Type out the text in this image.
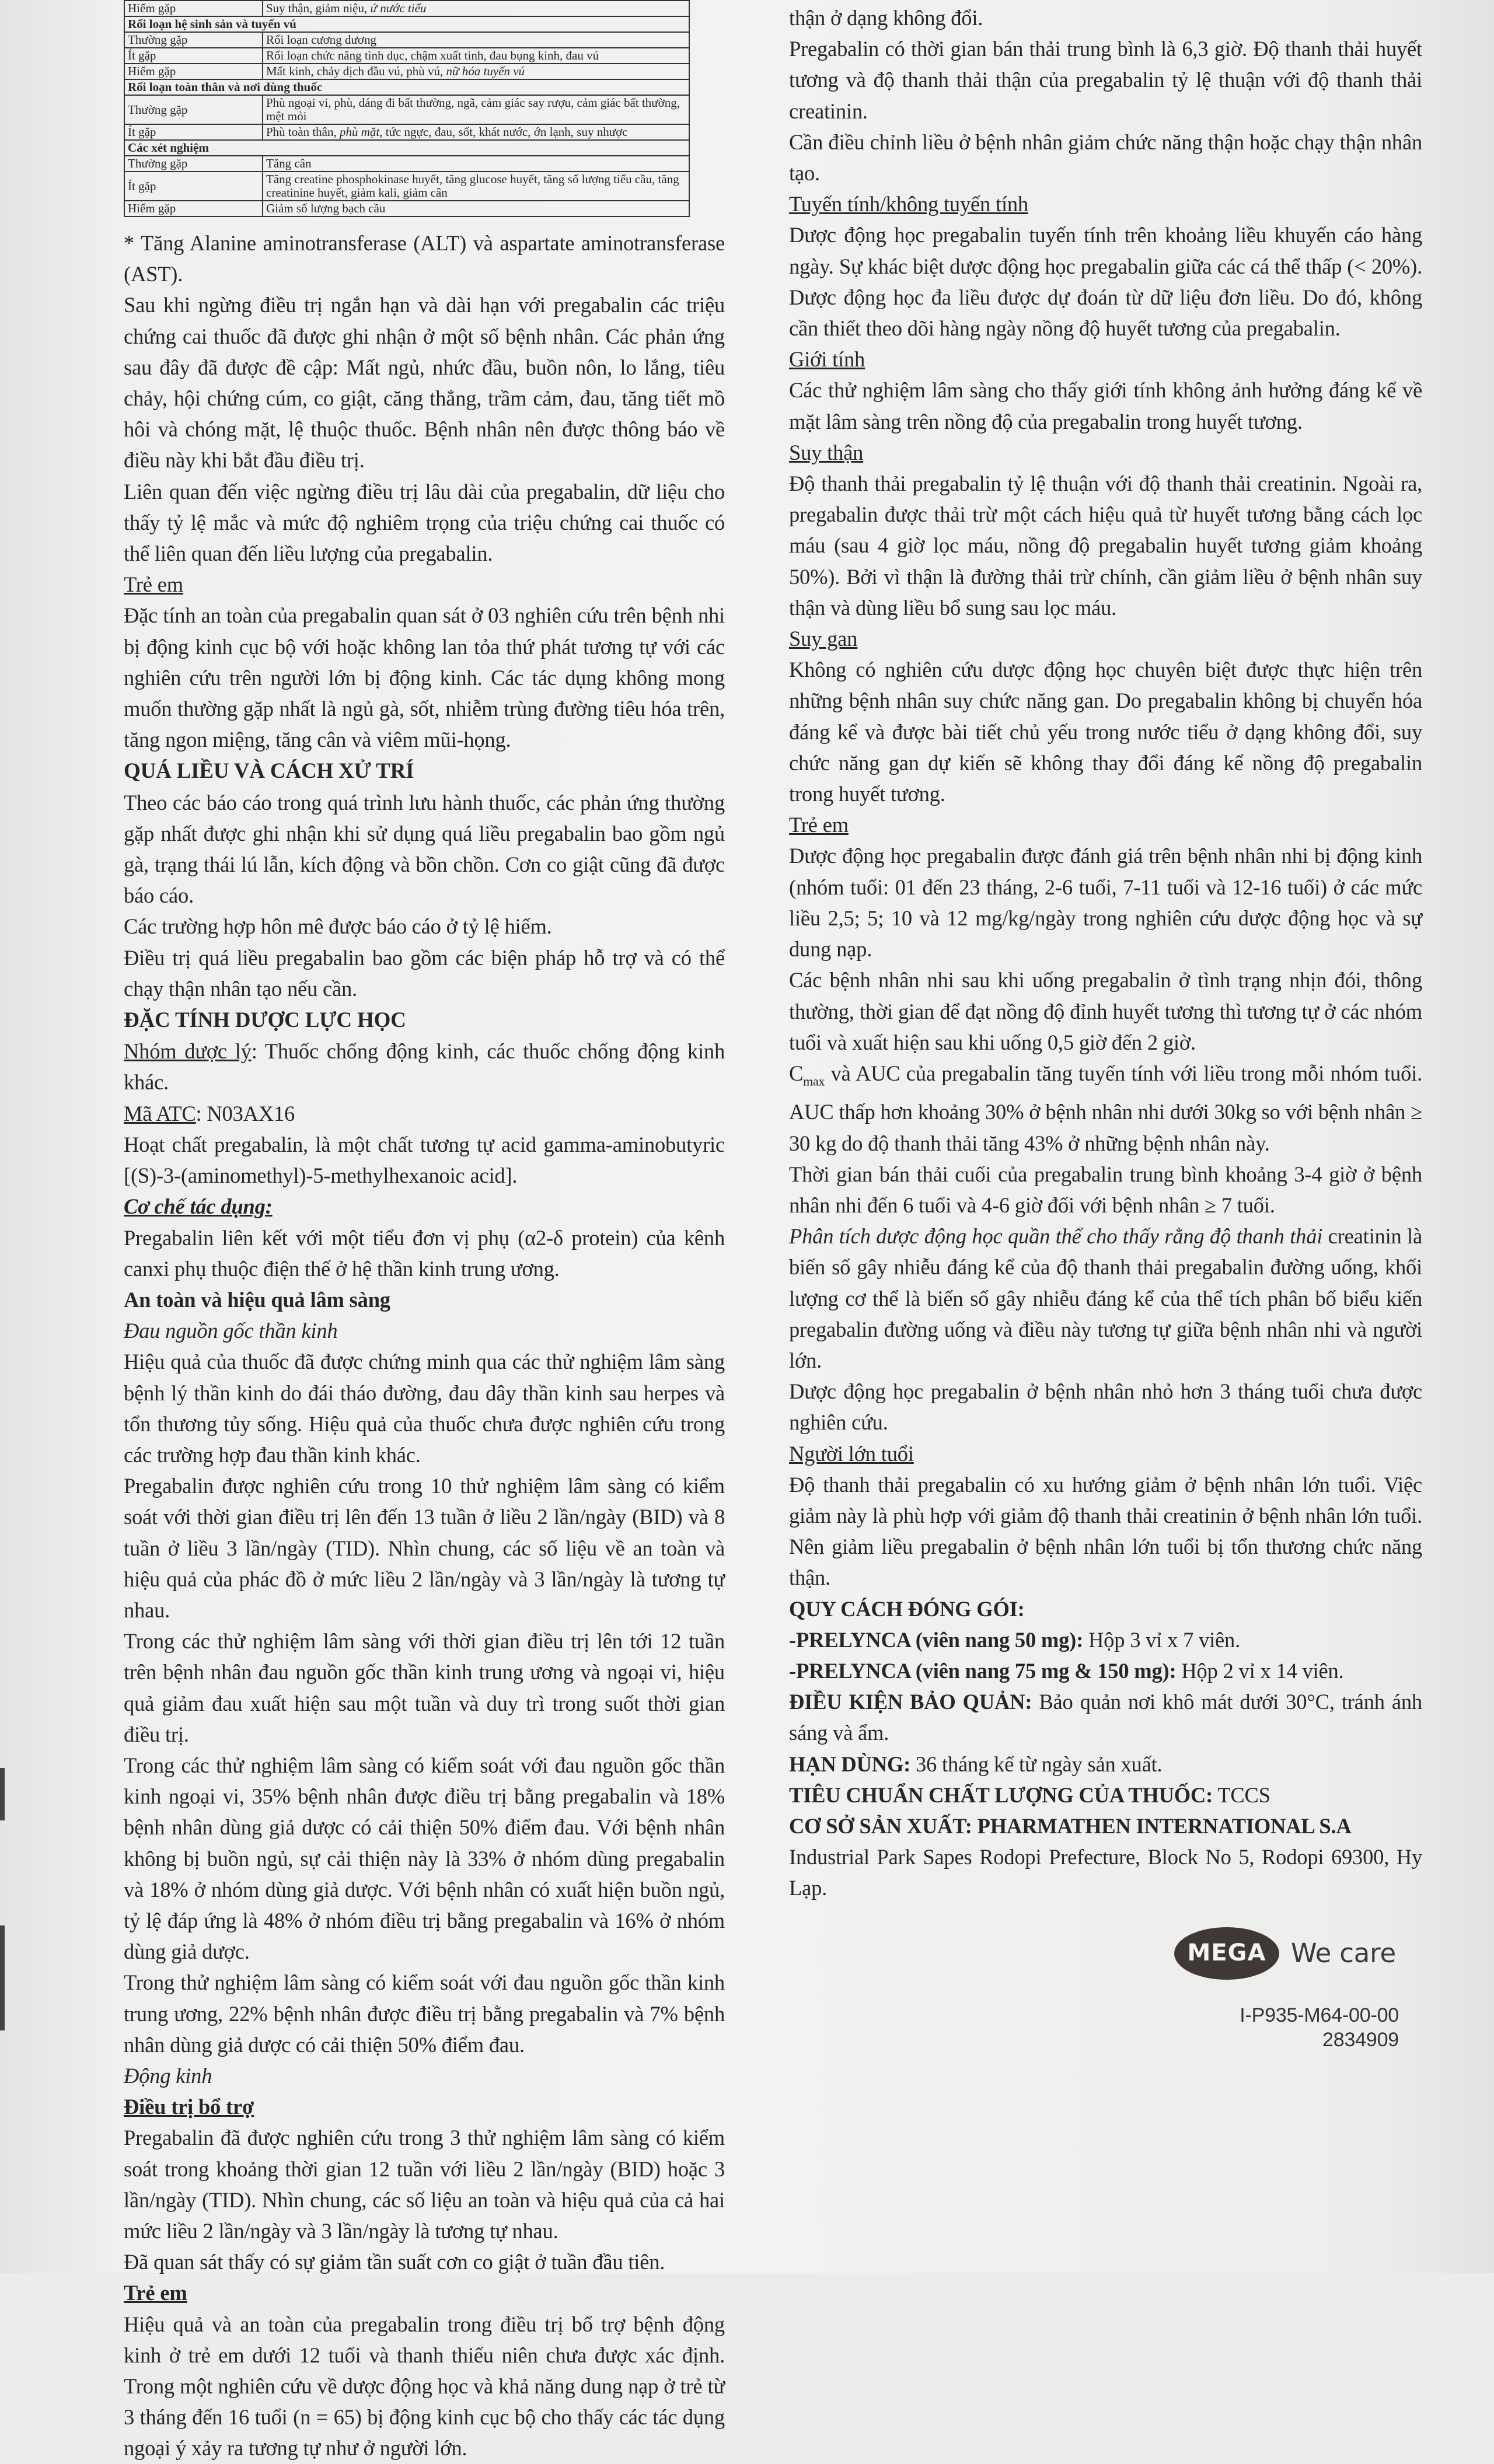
Hiếm gặp	Suy thận, giảm niệu, ứ nước tiểu
Rối loạn hệ sinh sản và tuyến vú	
Thường gặp	Rối loạn cương dương
Ít gặp	Rối loạn chức năng tình dục, chậm xuất tinh, đau bụng kinh, đau vú
Hiếm gặp	Mất kinh, chảy dịch đầu vú, phù vú, nữ hóa tuyến vú
Rối loạn toàn thân và nơi dùng thuốc	
Thường gặp	Phù ngoại vi, phù, dáng đi bất thường, ngã, cảm giác say rượu, cảm giác bất thường, mệt mỏi
Ít gặp	Phù toàn thân, phù mặt, tức ngực, đau, sốt, khát nước, ớn lạnh, suy nhược
Các xét nghiệm	
Thường gặp	Tăng cân
Ít gặp	Tăng creatine phosphokinase huyết, tăng glucose huyết, tăng số lượng tiểu cầu, tăng creatinine huyết, giảm kali, giảm cân
Hiếm gặp	Giảm số lượng bạch cầu

* Tăng Alanine aminotransferase (ALT) và aspartate aminotransferase (AST).

Sau khi ngừng điều trị ngắn hạn và dài hạn với pregabalin các triệu chứng cai thuốc đã được ghi nhận ở một số bệnh nhân. Các phản ứng sau đây đã được đề cập: Mất ngủ, nhức đầu, buồn nôn, lo lắng, tiêu chảy, hội chứng cúm, co giật, căng thẳng, trầm cảm, đau, tăng tiết mồ hôi và chóng mặt, lệ thuộc thuốc. Bệnh nhân nên được thông báo về điều này khi bắt đầu điều trị.

Liên quan đến việc ngừng điều trị lâu dài của pregabalin, dữ liệu cho thấy tỷ lệ mắc và mức độ nghiêm trọng của triệu chứng cai thuốc có thể liên quan đến liều lượng của pregabalin.

Trẻ em

Đặc tính an toàn của pregabalin quan sát ở 03 nghiên cứu trên bệnh nhi bị động kinh cục bộ với hoặc không lan tỏa thứ phát tương tự với các nghiên cứu trên người lớn bị động kinh. Các tác dụng không mong muốn thường gặp nhất là ngủ gà, sốt, nhiễm trùng đường tiêu hóa trên, tăng ngon miệng, tăng cân và viêm mũi-họng.

QUÁ LIỀU VÀ CÁCH XỬ TRÍ

Theo các báo cáo trong quá trình lưu hành thuốc, các phản ứng thường gặp nhất được ghi nhận khi sử dụng quá liều pregabalin bao gồm ngủ gà, trạng thái lú lẫn, kích động và bồn chồn. Cơn co giật cũng đã được báo cáo.

Các trường hợp hôn mê được báo cáo ở tỷ lệ hiếm.

Điều trị quá liều pregabalin bao gồm các biện pháp hỗ trợ và có thể chạy thận nhân tạo nếu cần.

ĐẶC TÍNH DƯỢC LỰC HỌC

Nhóm dược lý: Thuốc chống động kinh, các thuốc chống động kinh khác.

Mã ATC: N03AX16

Hoạt chất pregabalin, là một chất tương tự acid gamma-aminobutyric [(S)-3-(aminomethyl)-5-methylhexanoic acid].

Cơ chế tác dụng:

Pregabalin liên kết với một tiểu đơn vị phụ (α2-δ protein) của kênh canxi phụ thuộc điện thế ở hệ thần kinh trung ương.

An toàn và hiệu quả lâm sàng

Đau nguồn gốc thần kinh

Hiệu quả của thuốc đã được chứng minh qua các thử nghiệm lâm sàng bệnh lý thần kinh do đái tháo đường, đau dây thần kinh sau herpes và tổn thương tủy sống. Hiệu quả của thuốc chưa được nghiên cứu trong các trường hợp đau thần kinh khác.

Pregabalin được nghiên cứu trong 10 thử nghiệm lâm sàng có kiểm soát với thời gian điều trị lên đến 13 tuần ở liều 2 lần/ngày (BID) và 8 tuần ở liều 3 lần/ngày (TID). Nhìn chung, các số liệu về an toàn và hiệu quả của phác đồ ở mức liều 2 lần/ngày và 3 lần/ngày là tương tự nhau.

Trong các thử nghiệm lâm sàng với thời gian điều trị lên tới 12 tuần trên bệnh nhân đau nguồn gốc thần kinh trung ương và ngoại vi, hiệu quả giảm đau xuất hiện sau một tuần và duy trì trong suốt thời gian điều trị.

Trong các thử nghiệm lâm sàng có kiểm soát với đau nguồn gốc thần kinh ngoại vi, 35% bệnh nhân được điều trị bằng pregabalin và 18% bệnh nhân dùng giả dược có cải thiện 50% điểm đau. Với bệnh nhân không bị buồn ngủ, sự cải thiện này là 33% ở nhóm dùng pregabalin và 18% ở nhóm dùng giả dược. Với bệnh nhân có xuất hiện buồn ngủ, tỷ lệ đáp ứng là 48% ở nhóm điều trị bằng pregabalin và 16% ở nhóm dùng giả dược.

Trong thử nghiệm lâm sàng có kiểm soát với đau nguồn gốc thần kinh trung ương, 22% bệnh nhân được điều trị bằng pregabalin và 7% bệnh nhân dùng giả dược có cải thiện 50% điểm đau.

Động kinh

Điều trị bổ trợ

Pregabalin đã được nghiên cứu trong 3 thử nghiệm lâm sàng có kiểm soát trong khoảng thời gian 12 tuần với liều 2 lần/ngày (BID) hoặc 3 lần/ngày (TID). Nhìn chung, các số liệu an toàn và hiệu quả của cả hai mức liều 2 lần/ngày và 3 lần/ngày là tương tự nhau.

Đã quan sát thấy có sự giảm tần suất cơn co giật ở tuần đầu tiên.

Trẻ em

Hiệu quả và an toàn của pregabalin trong điều trị bổ trợ bệnh động kinh ở trẻ em dưới 12 tuổi và thanh thiếu niên chưa được xác định. Trong một nghiên cứu về dược động học và khả năng dung nạp ở trẻ từ 3 tháng đến 16 tuổi (n = 65) bị động kinh cục bộ cho thấy các tác dụng ngoại ý xảy ra tương tự như ở người lớn.

thận ở dạng không đổi.

Pregabalin có thời gian bán thải trung bình là 6,3 giờ. Độ thanh thải huyết tương và độ thanh thải thận của pregabalin tỷ lệ thuận với độ thanh thải creatinin.

Cần điều chỉnh liều ở bệnh nhân giảm chức năng thận hoặc chạy thận nhân tạo.

Tuyến tính/không tuyến tính

Dược động học pregabalin tuyến tính trên khoảng liều khuyến cáo hàng ngày. Sự khác biệt dược động học pregabalin giữa các cá thể thấp (< 20%). Dược động học đa liều được dự đoán từ dữ liệu đơn liều. Do đó, không cần thiết theo dõi hàng ngày nồng độ huyết tương của pregabalin.

Giới tính

Các thử nghiệm lâm sàng cho thấy giới tính không ảnh hưởng đáng kể về mặt lâm sàng trên nồng độ của pregabalin trong huyết tương.

Suy thận

Độ thanh thải pregabalin tỷ lệ thuận với độ thanh thải creatinin. Ngoài ra, pregabalin được thải trừ một cách hiệu quả từ huyết tương bằng cách lọc máu (sau 4 giờ lọc máu, nồng độ pregabalin huyết tương giảm khoảng 50%). Bởi vì thận là đường thải trừ chính, cần giảm liều ở bệnh nhân suy thận và dùng liều bổ sung sau lọc máu.

Suy gan

Không có nghiên cứu dược động học chuyên biệt được thực hiện trên những bệnh nhân suy chức năng gan. Do pregabalin không bị chuyển hóa đáng kể và được bài tiết chủ yếu trong nước tiểu ở dạng không đổi, suy chức năng gan dự kiến sẽ không thay đổi đáng kể nồng độ pregabalin trong huyết tương.

Trẻ em

Dược động học pregabalin được đánh giá trên bệnh nhân nhi bị động kinh (nhóm tuổi: 01 đến 23 tháng, 2-6 tuổi, 7-11 tuổi và 12-16 tuổi) ở các mức liều 2,5; 5; 10 và 12 mg/kg/ngày trong nghiên cứu dược động học và sự dung nạp.

Các bệnh nhân nhi sau khi uống pregabalin ở tình trạng nhịn đói, thông thường, thời gian để đạt nồng độ đỉnh huyết tương thì tương tự ở các nhóm tuổi và xuất hiện sau khi uống 0,5 giờ đến 2 giờ.

$C_{max}$ và AUC của pregabalin tăng tuyến tính với liều trong mỗi nhóm tuổi. AUC thấp hơn khoảng 30% ở bệnh nhân nhi dưới 30kg so với bệnh nhân ≥ 30 kg do độ thanh thải tăng 43% ở những bệnh nhân này.

Thời gian bán thải cuối của pregabalin trung bình khoảng 3-4 giờ ở bệnh nhân nhi đến 6 tuổi và 4-6 giờ đối với bệnh nhân ≥ 7 tuổi.

Phân tích dược động học quần thể cho thấy rằng độ thanh thải creatinin là biến số gây nhiễu đáng kể của độ thanh thải pregabalin đường uống, khối lượng cơ thể là biến số gây nhiễu đáng kể của thể tích phân bố biểu kiến pregabalin đường uống và điều này tương tự giữa bệnh nhân nhi và người lớn.

Dược động học pregabalin ở bệnh nhân nhỏ hơn 3 tháng tuổi chưa được nghiên cứu.

Người lớn tuổi

Độ thanh thải pregabalin có xu hướng giảm ở bệnh nhân lớn tuổi. Việc giảm này là phù hợp với giảm độ thanh thải creatinin ở bệnh nhân lớn tuổi. Nên giảm liều pregabalin ở bệnh nhân lớn tuổi bị tổn thương chức năng thận.

QUY CÁCH ĐÓNG GÓI:

-PRELYNCA (viên nang 50 mg): Hộp 3 vỉ x 7 viên.

-PRELYNCA (viên nang 75 mg & 150 mg): Hộp 2 vỉ x 14 viên.

ĐIỀU KIỆN BẢO QUẢN: Bảo quản nơi khô mát dưới 30°C, tránh ánh sáng và ẩm.

HẠN DÙNG: 36 tháng kể từ ngày sản xuất.

TIÊU CHUẨN CHẤT LƯỢNG CỦA THUỐC: TCCS

CƠ SỞ SẢN XUẤT: PHARMATHEN INTERNATIONAL S.A

Industrial Park Sapes Rodopi Prefecture, Block No 5, Rodopi 69300, Hy Lạp.

MEGA We care
I-P935-M64-00-00
2834909
